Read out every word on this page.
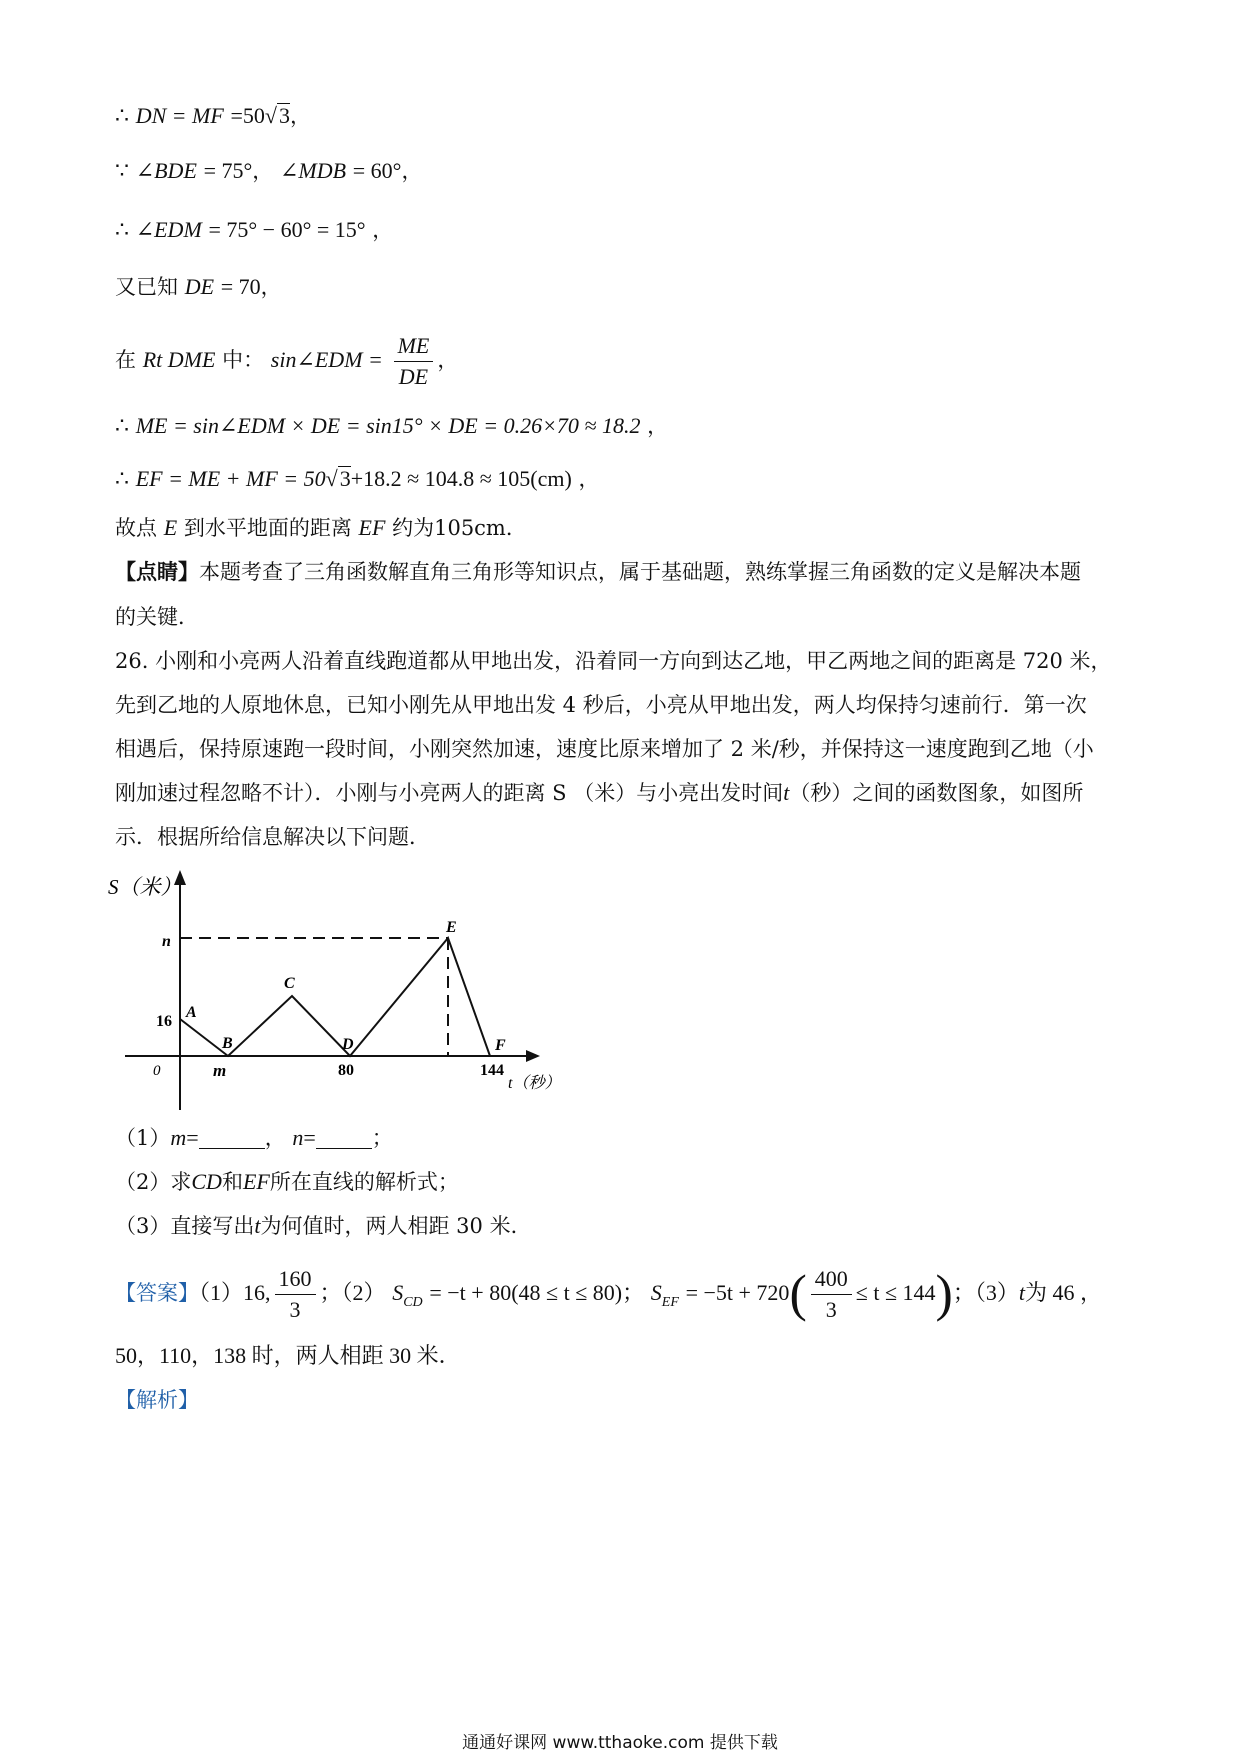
∴ DN = MF =50√3，
∵ ∠BDE = 75°， ∠MDB = 60°，
∴ ∠EDM = 75° − 60° = 15° ，
又已知 DE = 70，
在 Rt DME 中： sin∠EDM = $\frac{ME}{DE}$ ，
∴ ME = sin∠EDM × DE = sin15° × DE = 0.26×70 ≈ 18.2 ，
∴ EF = ME + MF = 50√3+18.2 ≈ 104.8 ≈ 105(cm) ，
故点 E 到水平地面的距离 EF 约为105cm．
【点睛】本题考查了三角函数解直角三角形等知识点，属于基础题，熟练掌握三角函数的定义是解决本题
的关键．
26. 小刚和小亮两人沿着直线跑道都从甲地出发，沿着同一方向到达乙地，甲乙两地之间的距离是 720 米，
先到乙地的人原地休息，已知小刚先从甲地出发 4 秒后，小亮从甲地出发，两人均保持匀速前行．第一次
相遇后，保持原速跑一段时间，小刚突然加速，速度比原来增加了 2 米/秒，并保持这一速度跑到乙地（小
刚加速过程忽略不计）．小刚与小亮两人的距离 S （米）与小亮出发时间t（秒）之间的函数图象，如图所
示．根据所给信息解决以下问题．
S（米）
n
16
0	m	80	144
t（秒）
A
B
C
D
E
F
（1）m=	， n=	；
（2）求CD和EF所在直线的解析式；
（3）直接写出t为何值时，两人相距 30 米．
【答案】（1）16, $\frac{160}{3}$ ；（2） $S_{CD} = -t + 80(48 \le t \le 80)$； $S_{EF} = -5t + 720( \frac{400}{3} \le t \le 144)$；（3）t为 46 ，
50，110，138 时，两人相距 30 米．
【解析】
通通好课网 www.tthaoke.com 提供下载
